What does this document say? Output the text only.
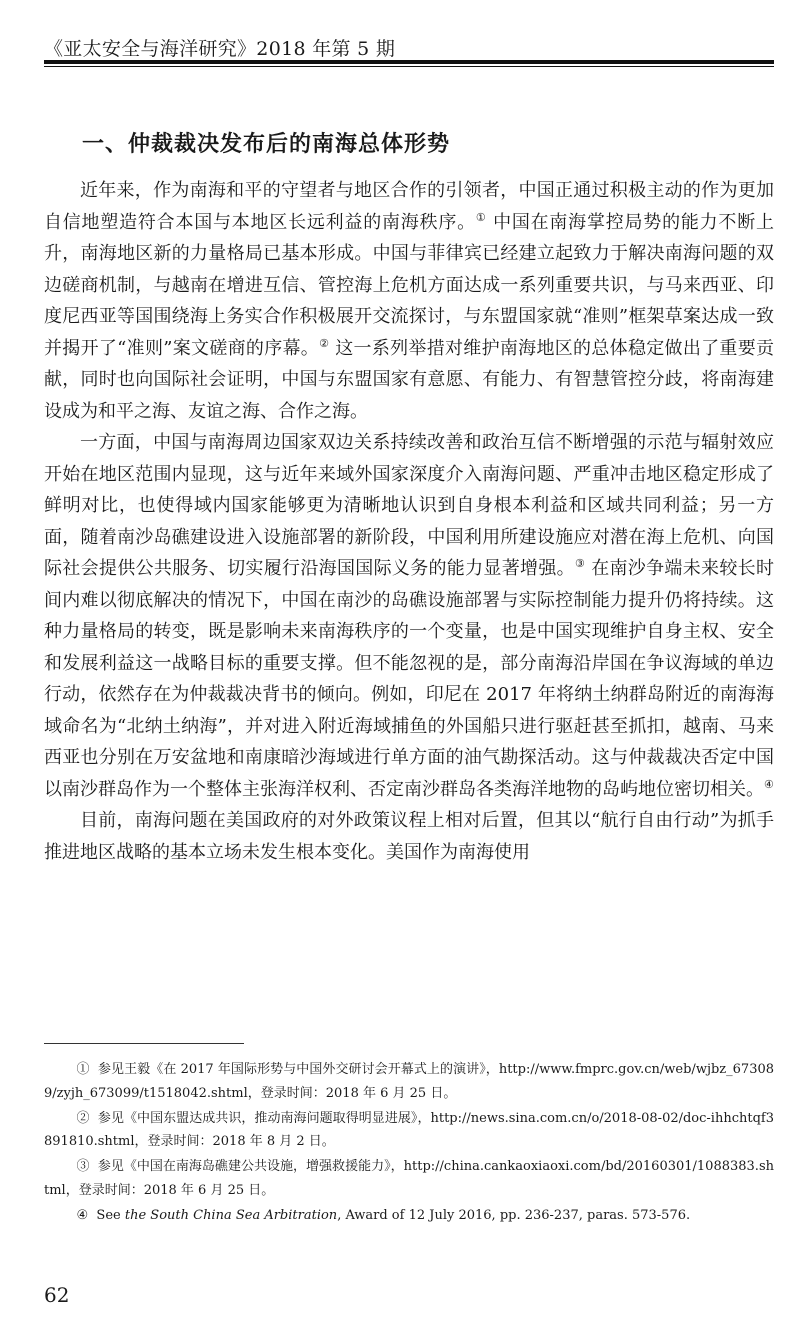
《亚太安全与海洋研究》2018 年第 5 期
一、仲裁裁决发布后的南海总体形势

近年来，作为南海和平的守望者与地区合作的引领者，中国正通过积极主动的作为更加自信地塑造符合本国与本地区长远利益的南海秩序。① 中国在南海掌控局势的能力不断上升，南海地区新的力量格局已基本形成。中国与菲律宾已经建立起致力于解决南海问题的双边磋商机制，与越南在增进互信、管控海上危机方面达成一系列重要共识，与马来西亚、印度尼西亚等国围绕海上务实合作积极展开交流探讨，与东盟国家就“准则”框架草案达成一致并揭开了“准则”案文磋商的序幕。② 这一系列举措对维护南海地区的总体稳定做出了重要贡献，同时也向国际社会证明，中国与东盟国家有意愿、有能力、有智慧管控分歧，将南海建设成为和平之海、友谊之海、合作之海。

一方面，中国与南海周边国家双边关系持续改善和政治互信不断增强的示范与辐射效应开始在地区范围内显现，这与近年来域外国家深度介入南海问题、严重冲击地区稳定形成了鲜明对比，也使得域内国家能够更为清晰地认识到自身根本利益和区域共同利益；另一方面，随着南沙岛礁建设进入设施部署的新阶段，中国利用所建设施应对潜在海上危机、向国际社会提供公共服务、切实履行沿海国国际义务的能力显著增强。③ 在南沙争端未来较长时间内难以彻底解决的情况下，中国在南沙的岛礁设施部署与实际控制能力提升仍将持续。这种力量格局的转变，既是影响未来南海秩序的一个变量，也是中国实现维护自身主权、安全和发展利益这一战略目标的重要支撑。但不能忽视的是，部分南海沿岸国在争议海域的单边行动，依然存在为仲裁裁决背书的倾向。例如，印尼在 2017 年将纳土纳群岛附近的南海海域命名为“北纳土纳海”，并对进入附近海域捕鱼的外国船只进行驱赶甚至抓扣，越南、马来西亚也分别在万安盆地和南康暗沙海域进行单方面的油气勘探活动。这与仲裁裁决否定中国以南沙群岛作为一个整体主张海洋权利、否定南沙群岛各类海洋地物的岛屿地位密切相关。④

目前，南海问题在美国政府的对外政策议程上相对后置，但其以“航行自由行动”为抓手推进地区战略的基本立场未发生根本变化。美国作为南海使用

① 参见王毅《在 2017 年国际形势与中国外交研讨会开幕式上的演讲》，http://www.fmprc.gov.cn/web/wjbz_673089/zyjh_673099/t1518042.shtml，登录时间：2018 年 6 月 25 日。

② 参见《中国东盟达成共识，推动南海问题取得明显进展》，http://news.sina.com.cn/o/2018-08-02/doc-ihhchtqf3891810.shtml，登录时间：2018 年 8 月 2 日。

③ 参见《中国在南海岛礁建公共设施，增强救援能力》，http://china.cankaoxiaoxi.com/bd/20160301/1088383.shtml，登录时间：2018 年 6 月 25 日。

④ See the South China Sea Arbitration, Award of 12 July 2016, pp. 236-237, paras. 573-576.

62
